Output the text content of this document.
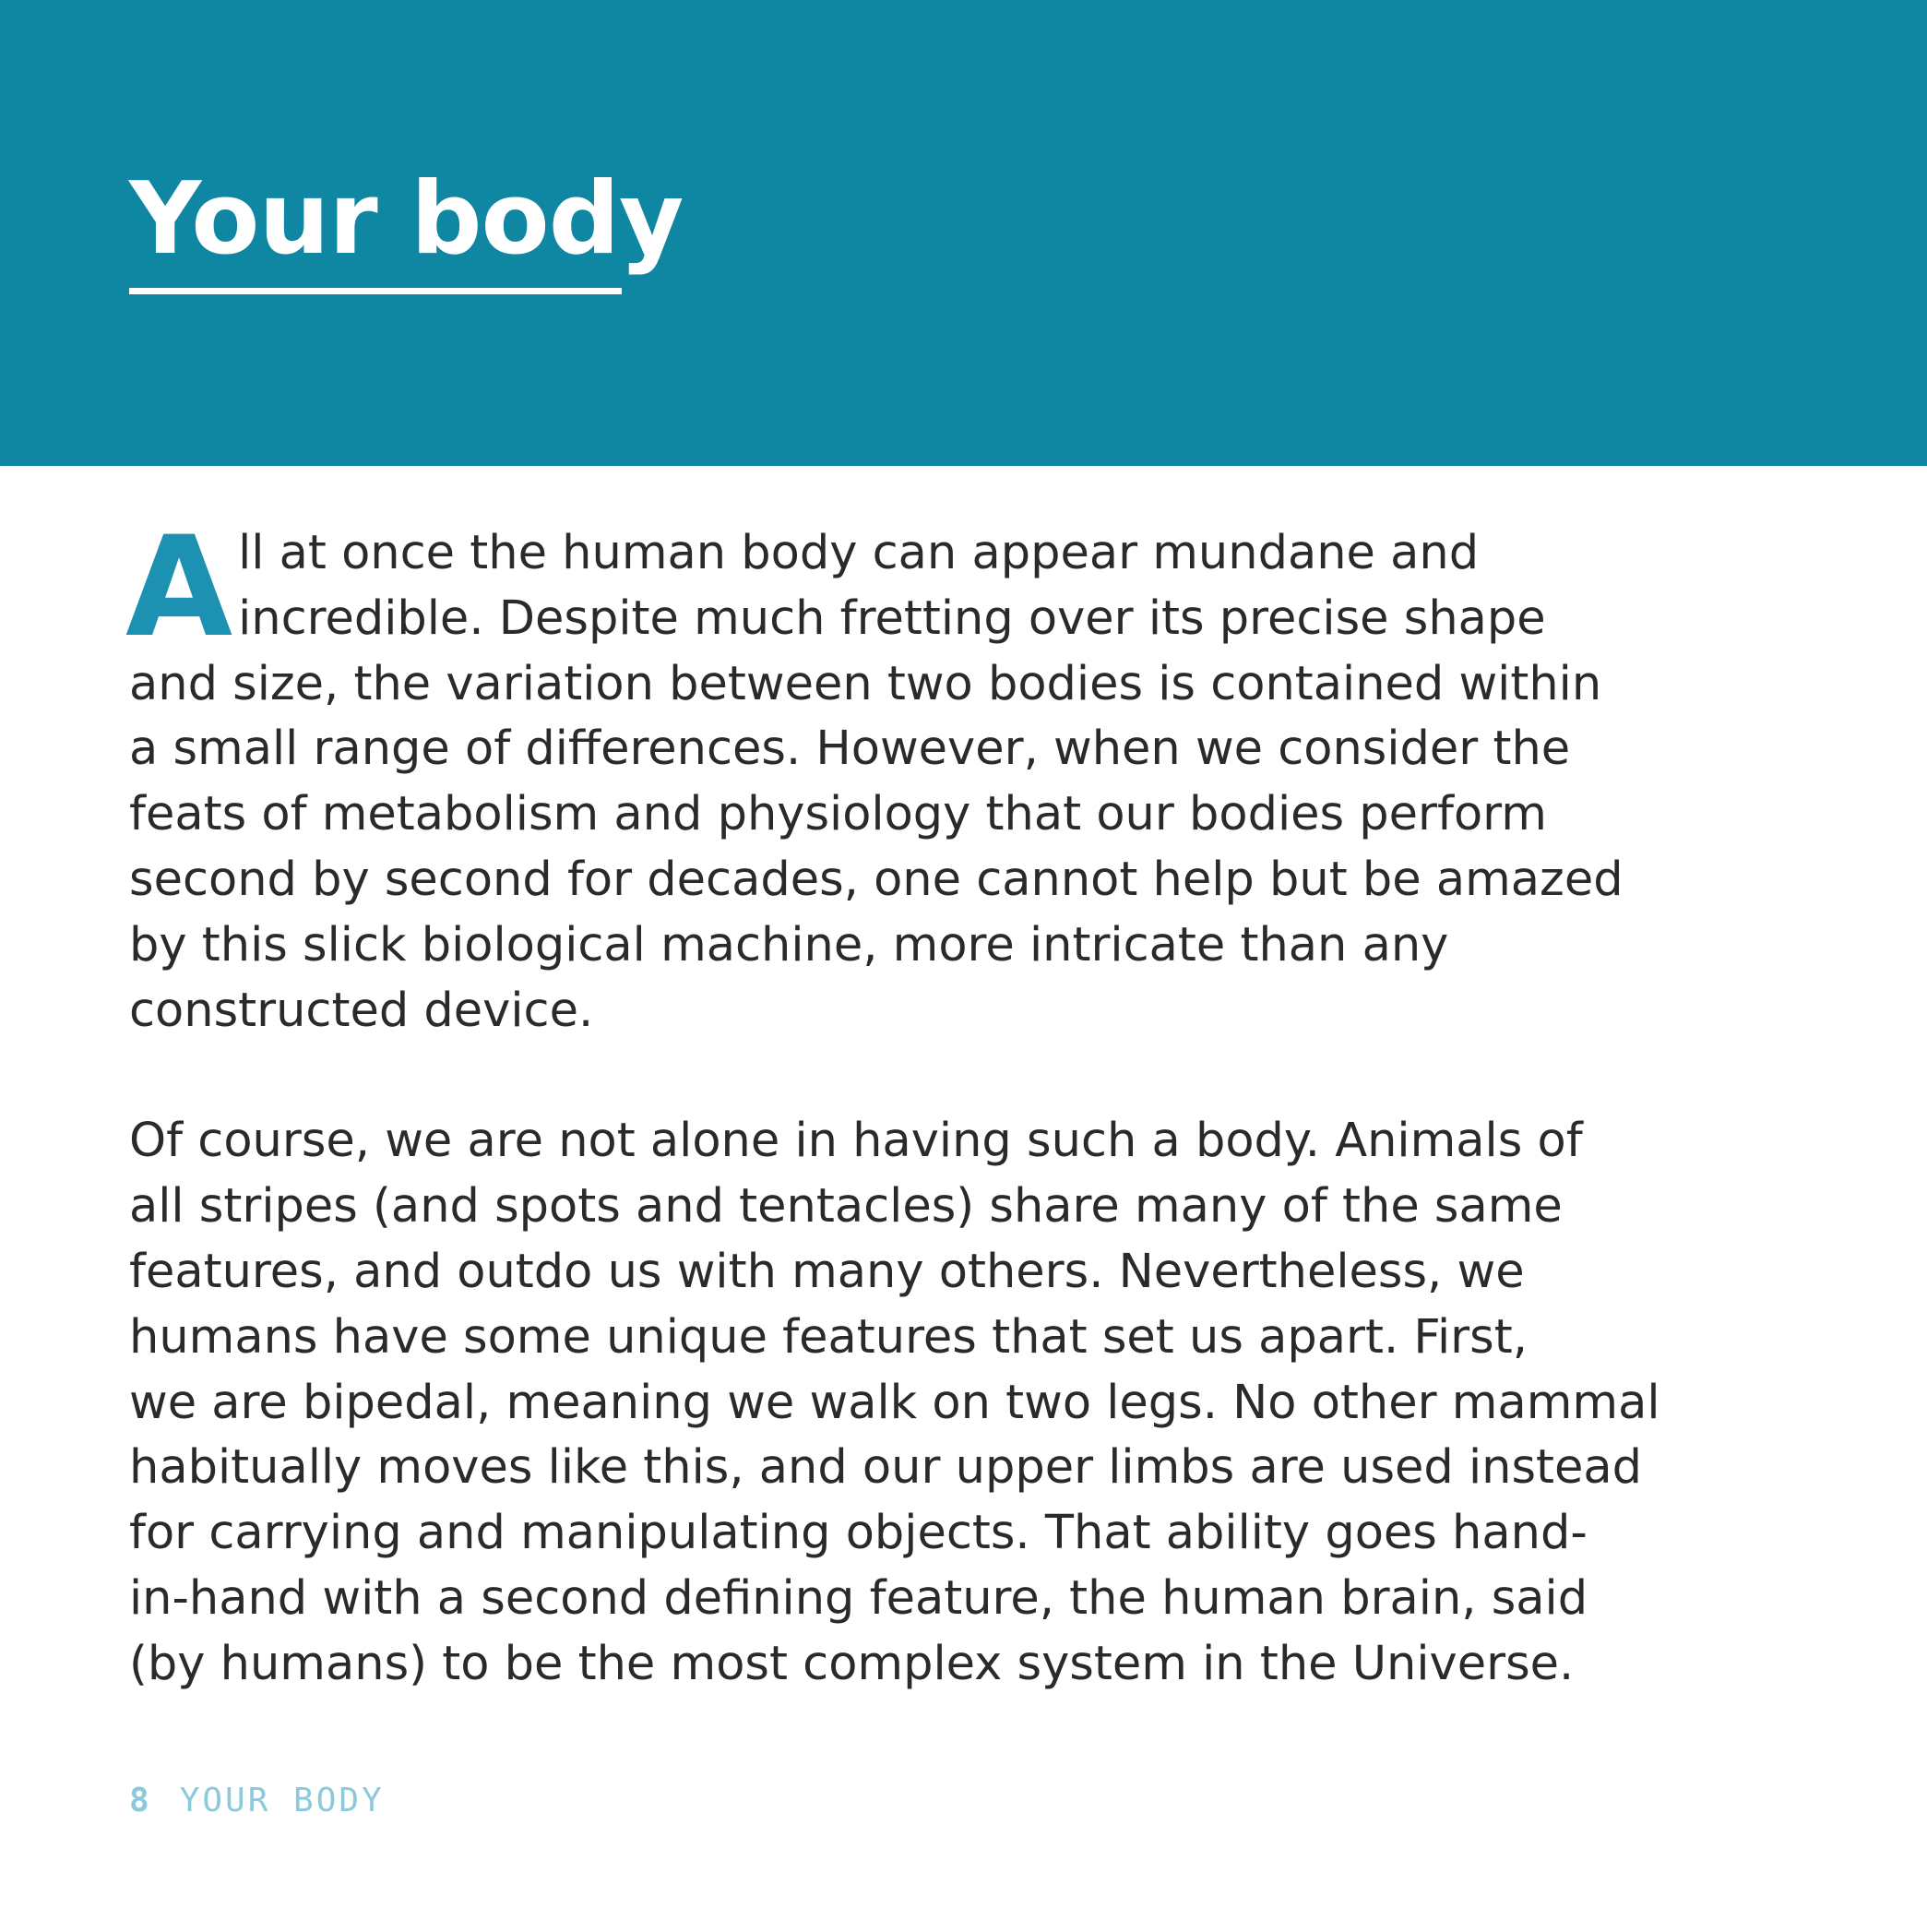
Your body

A ll at once the human body can appear mundane and
incredible. Despite much fretting over its precise shape
and size, the variation between two bodies is contained within
a small range of differences. However, when we consider the
feats of metabolism and physiology that our bodies perform
second by second for decades, one cannot help but be amazed
by this slick biological machine, more intricate than any
constructed device.

Of course, we are not alone in having such a body. Animals of
all stripes (and spots and tentacles) share many of the same
features, and outdo us with many others. Nevertheless, we
humans have some unique features that set us apart. First,
we are bipedal, meaning we walk on two legs. No other mammal
habitually moves like this, and our upper limbs are used instead
for carrying and manipulating objects. That ability goes hand-
in-hand with a second defining feature, the human brain, said
(by humans) to be the most complex system in the Universe.

8 YOUR BODY
